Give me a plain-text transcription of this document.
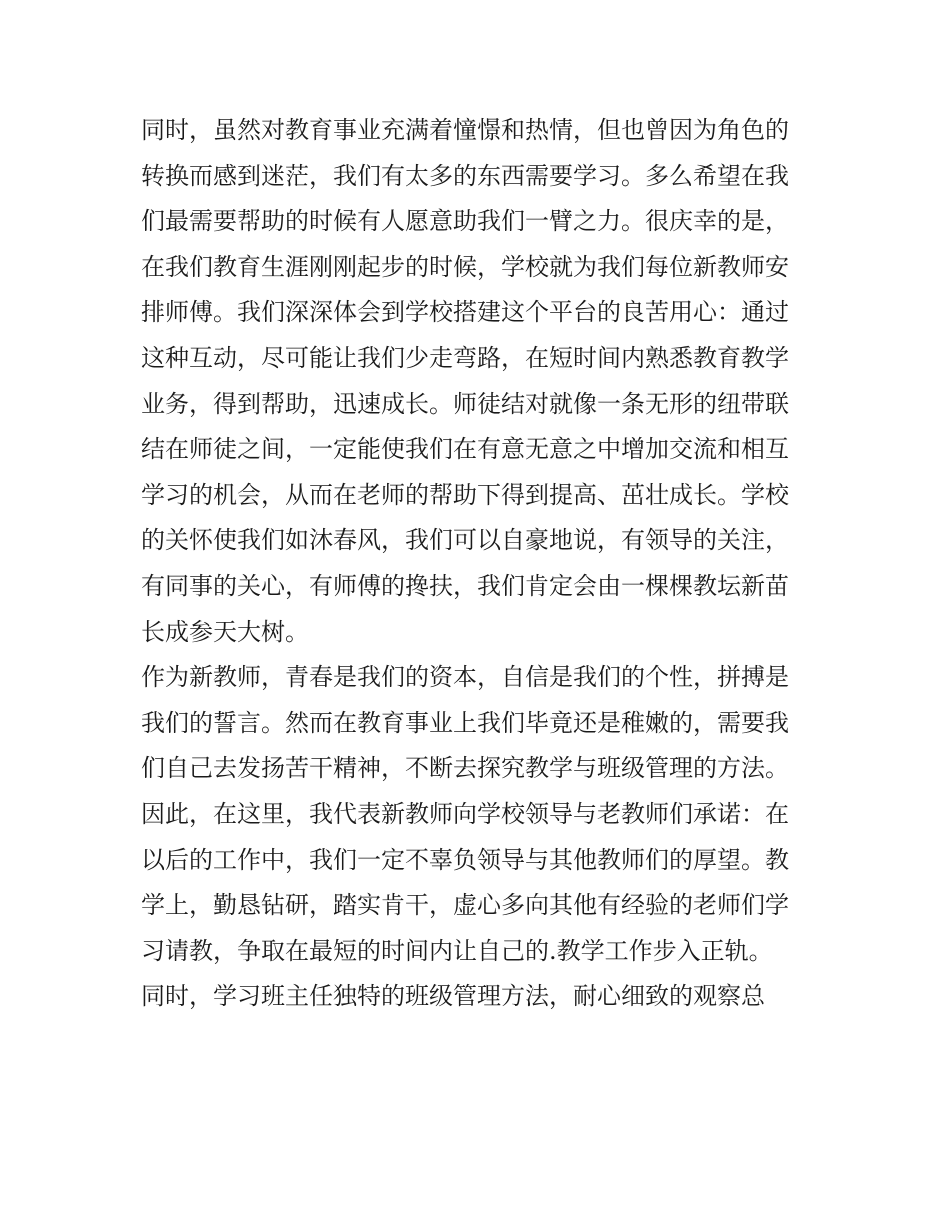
同时，虽然对教育事业充满着憧憬和热情，但也曾因为角色的
转换而感到迷茫，我们有太多的东西需要学习。多么希望在我
们最需要帮助的时候有人愿意助我们一臂之力。很庆幸的是，
在我们教育生涯刚刚起步的时候，学校就为我们每位新教师安
排师傅。我们深深体会到学校搭建这个平台的良苦用心：通过
这种互动，尽可能让我们少走弯路，在短时间内熟悉教育教学
业务，得到帮助，迅速成长。师徒结对就像一条无形的纽带联
结在师徒之间，一定能使我们在有意无意之中增加交流和相互
学习的机会，从而在老师的帮助下得到提高、茁壮成长。学校
的关怀使我们如沐春风，我们可以自豪地说，有领导的关注，
有同事的关心，有师傅的搀扶，我们肯定会由一棵棵教坛新苗
长成参天大树。
作为新教师，青春是我们的资本，自信是我们的个性，拼搏是
我们的誓言。然而在教育事业上我们毕竟还是稚嫩的，需要我
们自己去发扬苦干精神，不断去探究教学与班级管理的方法。
因此，在这里，我代表新教师向学校领导与老教师们承诺：在
以后的工作中，我们一定不辜负领导与其他教师们的厚望。教
学上，勤恳钻研，踏实肯干，虚心多向其他有经验的老师们学
习请教，争取在最短的时间内让自己的.教学工作步入正轨。
同时，学习班主任独特的班级管理方法，耐心细致的观察总
